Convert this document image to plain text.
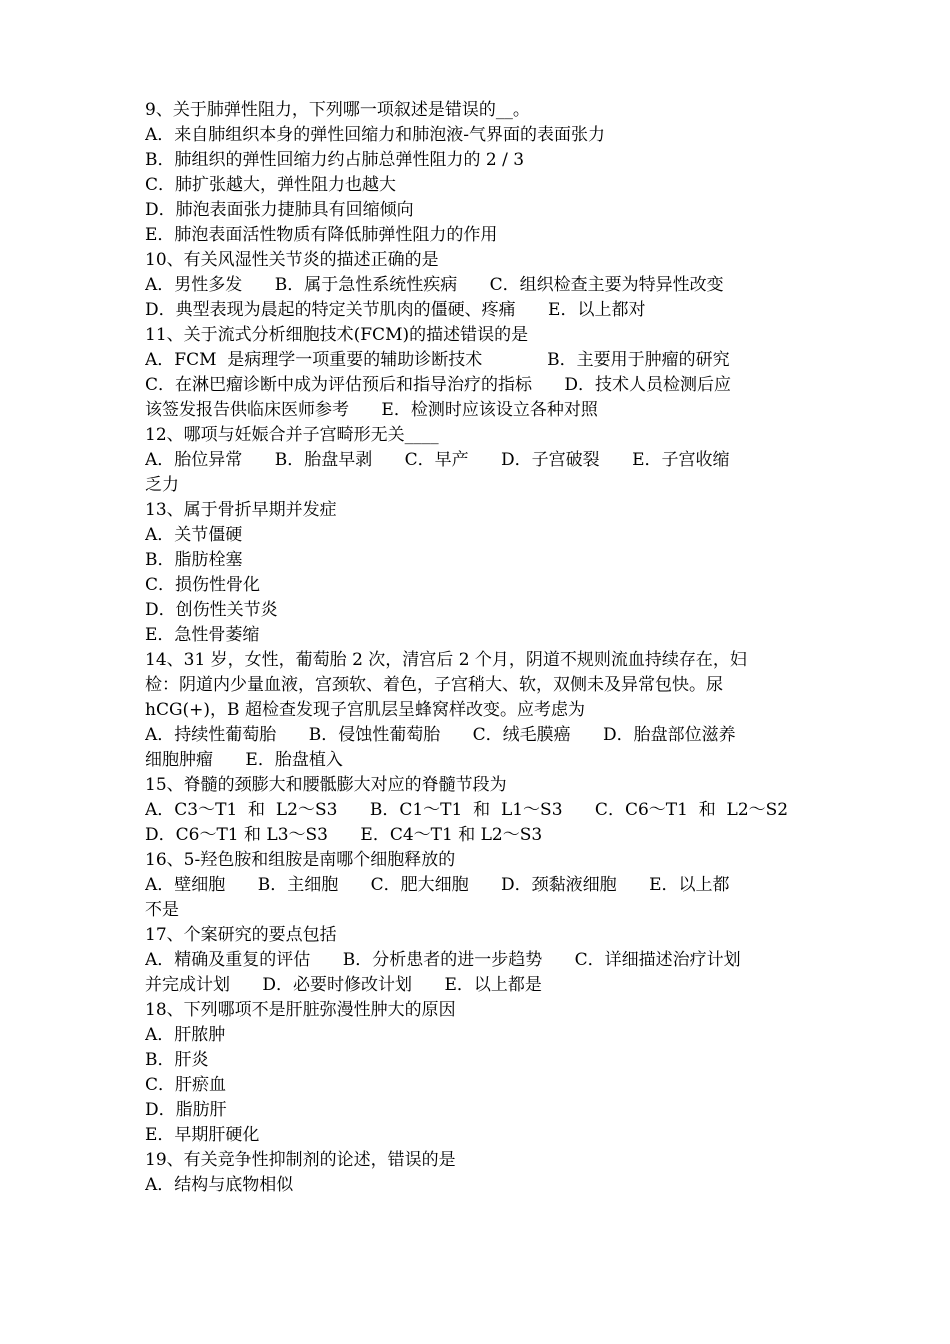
9、关于肺弹性阻力，下列哪一项叙述是错误的__。
A．来自肺组织本身的弹性回缩力和肺泡液-气界面的表面张力
B．肺组织的弹性回缩力约占肺总弹性阻力的 2 / 3
C．肺扩张越大，弹性阻力也越大
D．肺泡表面张力捷肺具有回缩倾向
E．肺泡表面活性物质有降低肺弹性阻力的作用
10、有关风湿性关节炎的描述正确的是
A．男性多发      B．属于急性系统性疾病      C．组织检查主要为特异性改变
D．典型表现为晨起的特定关节肌肉的僵硬、疼痛      E．以上都对
11、关于流式分析细胞技术(FCM)的描述错误的是
A．FCM  是病理学一项重要的辅助诊断技术            B．主要用于肿瘤的研究
C．在淋巴瘤诊断中成为评估预后和指导治疗的指标      D．技术人员检测后应
该签发报告供临床医师参考      E．检测时应该设立各种对照
12、哪项与妊娠合并子宫畸形无关____
A．胎位异常      B．胎盘早剥      C．早产      D．子宫破裂      E．子宫收缩
乏力
13、属于骨折早期并发症
A．关节僵硬
B．脂肪栓塞
C．损伤性骨化
D．创伤性关节炎
E．急性骨萎缩
14、31 岁，女性，葡萄胎 2 次，清宫后 2 个月，阴道不规则流血持续存在，妇
检：阴道内少量血液，宫颈软、着色，子宫稍大、软，双侧未及异常包快。尿
hCG(+)，B 超检查发现子宫肌层呈蜂窝样改变。应考虑为
A．持续性葡萄胎      B．侵蚀性葡萄胎      C．绒毛膜癌      D．胎盘部位滋养
细胞肿瘤      E．胎盘植入
15、脊髓的颈膨大和腰骶膨大对应的脊髓节段为
A．C3～T1  和  L2～S3      B．C1～T1  和  L1～S3      C．C6～T1  和  L2～S2
D．C6～T1 和 L3～S3      E．C4～T1 和 L2～S3
16、5-羟色胺和组胺是南哪个细胞释放的
A．壁细胞      B．主细胞      C．肥大细胞      D．颈黏液细胞      E．以上都
不是
17、个案研究的要点包括
A．精确及重复的评估      B．分析患者的进一步趋势      C．详细描述治疗计划
并完成计划      D．必要时修改计划      E．以上都是
18、下列哪项不是肝脏弥漫性肿大的原因
A．肝脓肿
B．肝炎
C．肝瘀血
D．脂肪肝
E．早期肝硬化
19、有关竞争性抑制剂的论述，错误的是
A．结构与底物相似
